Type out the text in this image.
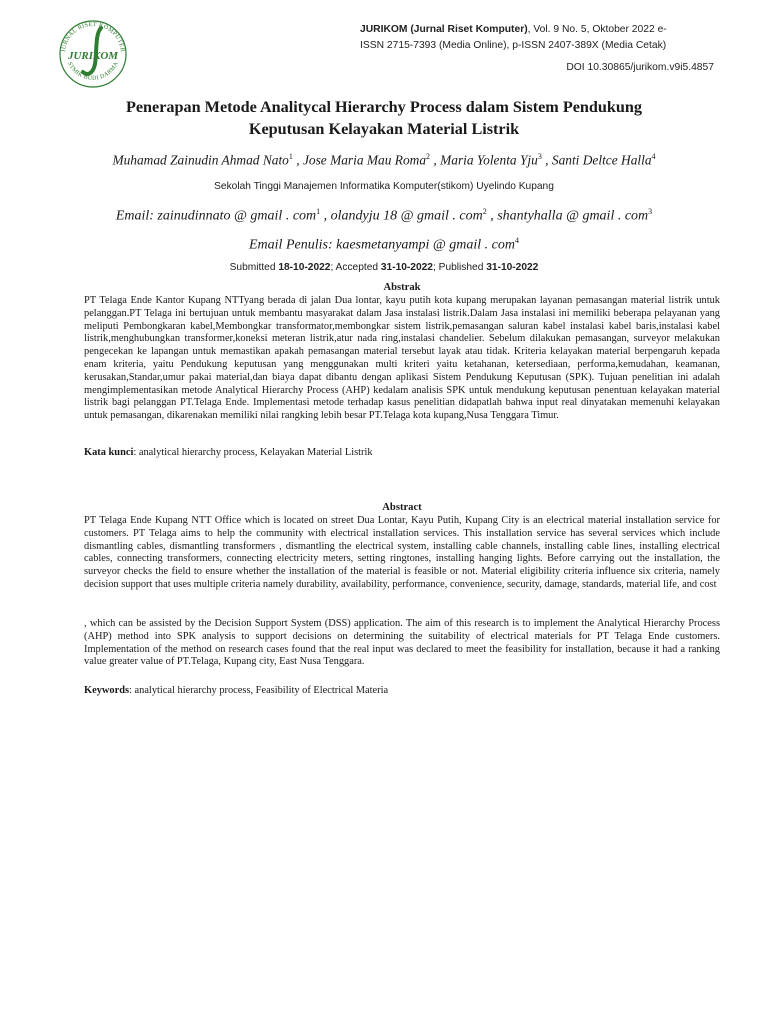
JURNAL RISET KOMPUTER
STMIK BUDI DARMA
JURIKOM
JURIKOM (Jurnal Riset Komputer), Vol. 9 No. 5, Oktober 2022 e-
ISSN 2715-7393 (Media Online), p-ISSN 2407-389X (Media Cetak)
DOI 10.30865/jurikom.v9i5.4857
Penerapan Metode Analitycal Hierarchy Process dalam Sistem Pendukung
Keputusan Kelayakan Material Listrik
Muhamad Zainudin Ahmad Nato$^1$ , Jose Maria Mau Roma$^2$ , Maria Yolenta Yju$^3$ , Santi Deltce Halla$^4$
Sekolah Tinggi Manajemen Informatika Komputer(stikom) Uyelindo Kupang
Email: zainudinnato @ gmail . com$^1$ , olandyju 18 @ gmail . com$^2$ , shantyhalla @ gmail . com$^3$
Email Penulis: kaesmetanyampi @ gmail . com$^4$
Submitted 18-10-2022; Accepted 31-10-2022; Published 31-10-2022
Abstrak
PT Telaga Ende Kantor Kupang NTTyang berada di jalan Dua lontar, kayu putih kota kupang merupakan layanan pemasangan material listrik untuk pelanggan.PT Telaga ini bertujuan untuk membantu masyarakat dalam Jasa instalasi listrik.Dalam Jasa instalasi ini memiliki beberapa pelayanan yang meliputi Pembongkaran kabel,Membongkar transformator,membongkar sistem listrik,pemasangan saluran kabel instalasi kabel baris,instalasi kabel listrik,menghubungkan transformer,koneksi meteran listrik,atur nada ring,instalasi chandelier. Sebelum dilakukan pemasangan, surveyor melakukan pengecekan ke lapangan untuk memastikan apakah pemasangan material tersebut layak atau tidak. Kriteria kelayakan material berpengaruh kepada enam kriteria, yaitu Pendukung keputusan yang menggunakan multi kriteri yaitu ketahanan, ketersediaan, performa,kemudahan, keamanan, kerusakan,Standar,umur pakai material,dan biaya dapat dibantu dengan aplikasi Sistem Pendukung Keputusan (SPK). Tujuan penelitian ini adalah mengimplementasikan metode Analytical Hierarchy Process (AHP) kedalam analisis SPK untuk mendukung keputusan penentuan kelayakan material listrik bagi pelanggan PT.Telaga Ende. Implementasi metode terhadap kasus penelitian didapatlah bahwa input real dinyatakan memenuhi kelayakan untuk pemasangan, dikarenakan memiliki nilai rangking lebih besar PT.Telaga kota kupang,Nusa Tenggara Timur.
Kata kunci: analytical hierarchy process, Kelayakan Material Listrik
Abstract
PT Telaga Ende Kupang NTT Office which is located on street Dua Lontar, Kayu Putih, Kupang City is an electrical material installation service for customers. PT Telaga aims to help the community with electrical installation services. This installation service has several services which include dismantling cables, dismantling transformers , dismantling the electrical system, installing cable channels, installing cable lines, installing electrical cables, connecting transformers, connecting electricity meters, setting ringtones, installing hanging lights. Before carrying out the installation, the surveyor checks the field to ensure whether the installation of the material is feasible or not. Material eligibility criteria influence six criteria, namely decision support that uses multiple criteria namely durability, availability, performance, convenience, security, damage, standards, material life, and cost
, which can be assisted by the Decision Support System (DSS) application. The aim of this research is to implement the Analytical Hierarchy Process (AHP) method into SPK analysis to support decisions on determining the suitability of electrical materials for PT Telaga Ende customers. Implementation of the method on research cases found that the real input was declared to meet the feasibility for installation, because it had a ranking value greater value of PT.Telaga, Kupang city, East Nusa Tenggara.
Keywords: analytical hierarchy process, Feasibility of Electrical Materia
